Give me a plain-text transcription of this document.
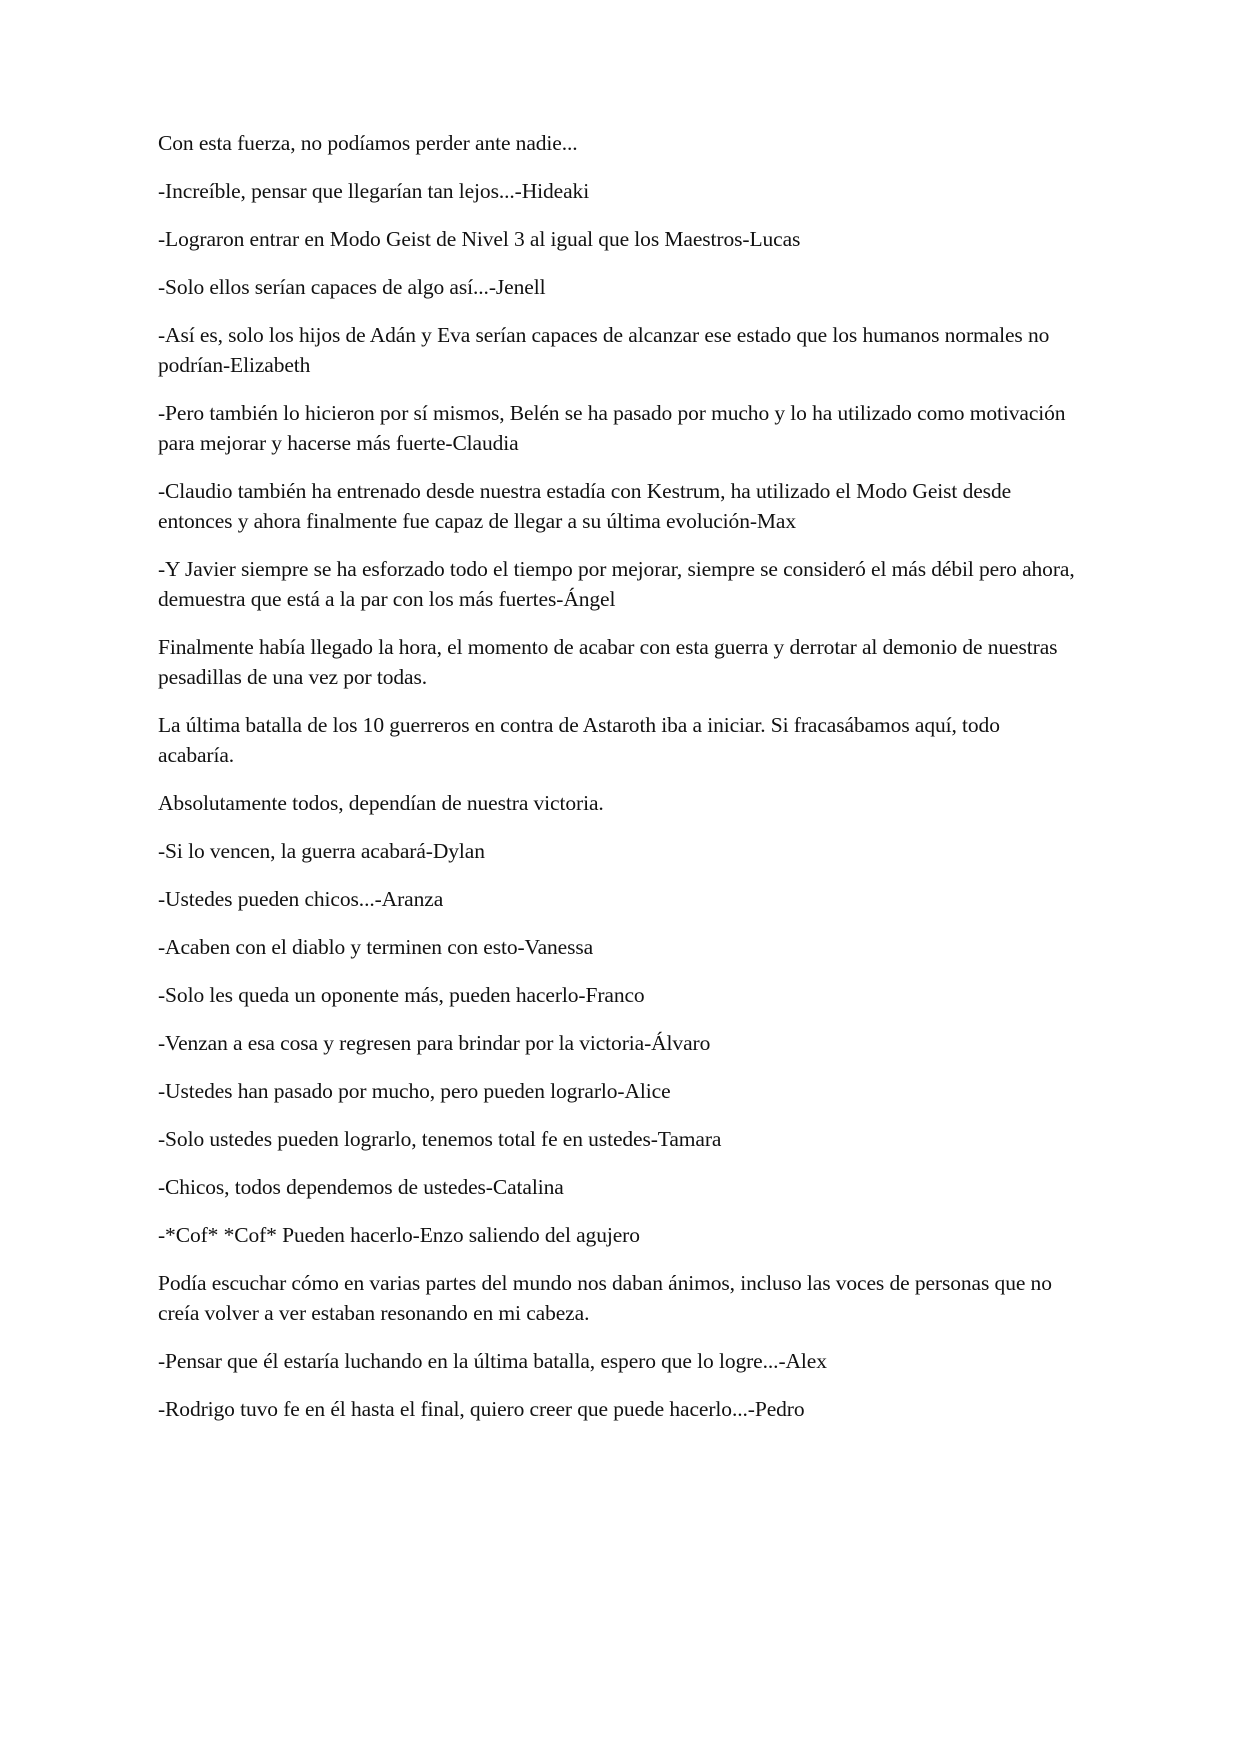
Con esta fuerza, no podíamos perder ante nadie...

-Increíble, pensar que llegarían tan lejos...-Hideaki

-Lograron entrar en Modo Geist de Nivel 3 al igual que los Maestros-Lucas

-Solo ellos serían capaces de algo así...-Jenell

-Así es, solo los hijos de Adán y Eva serían capaces de alcanzar ese estado que los humanos normales no podrían-Elizabeth

-Pero también lo hicieron por sí mismos, Belén se ha pasado por mucho y lo ha utilizado como motivación para mejorar y hacerse más fuerte-Claudia

-Claudio también ha entrenado desde nuestra estadía con Kestrum, ha utilizado el Modo Geist desde entonces y ahora finalmente fue capaz de llegar a su última evolución-Max

-Y Javier siempre se ha esforzado todo el tiempo por mejorar, siempre se consideró el más débil pero ahora, demuestra que está a la par con los más fuertes-Ángel

Finalmente había llegado la hora, el momento de acabar con esta guerra y derrotar al demonio de nuestras pesadillas de una vez por todas.

La última batalla de los 10 guerreros en contra de Astaroth iba a iniciar. Si fracasábamos aquí, todo acabaría.

Absolutamente todos, dependían de nuestra victoria.

-Si lo vencen, la guerra acabará-Dylan

-Ustedes pueden chicos...-Aranza

-Acaben con el diablo y terminen con esto-Vanessa

-Solo les queda un oponente más, pueden hacerlo-Franco

-Venzan a esa cosa y regresen para brindar por la victoria-Álvaro

-Ustedes han pasado por mucho, pero pueden lograrlo-Alice

-Solo ustedes pueden lograrlo, tenemos total fe en ustedes-Tamara

-Chicos, todos dependemos de ustedes-Catalina

-*Cof* *Cof* Pueden hacerlo-Enzo saliendo del agujero

Podía escuchar cómo en varias partes del mundo nos daban ánimos, incluso las voces de personas que no creía volver a ver estaban resonando en mi cabeza.

-Pensar que él estaría luchando en la última batalla, espero que lo logre...-Alex

-Rodrigo tuvo fe en él hasta el final, quiero creer que puede hacerlo...-Pedro
